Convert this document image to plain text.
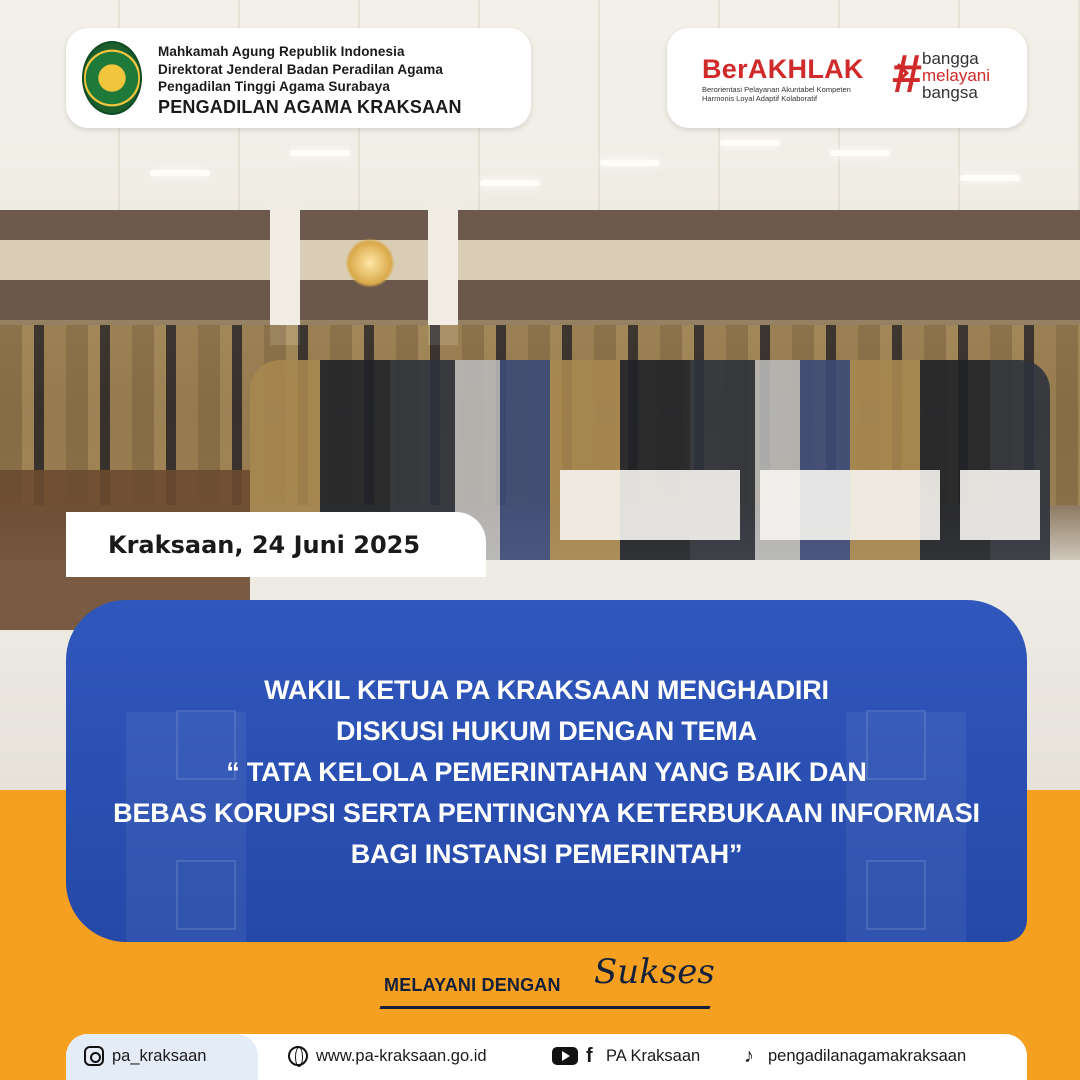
Mahkamah Agung Republik Indonesia
Direktorat Jenderal Badan Peradilan Agama
Pengadilan Tinggi Agama Surabaya
PENGADILAN AGAMA KRAKSAAN
BerAKHLAK
Berorientasi Pelayanan Akuntabel Kompeten
Harmonis Loyal Adaptif Kolaboratif	# bangga
melayani
bangsa
Kraksaan, 24 Juni 2025
WAKIL KETUA PA KRAKSAAN MENGHADIRI
DISKUSI HUKUM DENGAN TEMA
“ TATA KELOLA PEMERINTAHAN YANG BAIK DAN
BEBAS KORUPSI SERTA PENTINGNYA KETERBUKAAN INFORMASI
BAGI INSTANSI PEMERINTAH”
MELAYANI DENGAN Sukses
pa_kraksaan	www.pa-kraksaan.go.id	f PA Kraksaan ♪ pengadilanagamakraksaan
